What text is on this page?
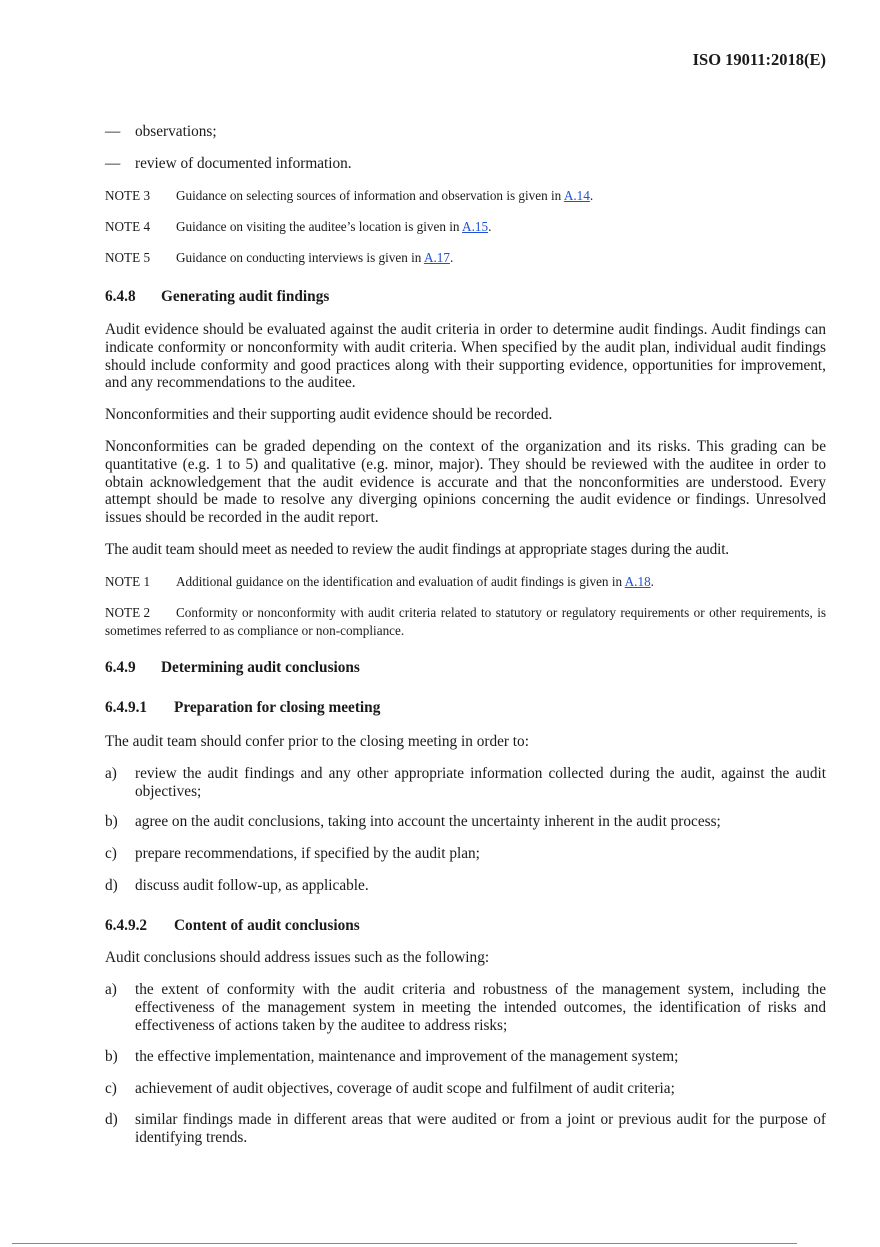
ISO 19011:2018(E)
— observations;
— review of documented information.
NOTE 3 Guidance on selecting sources of information and observation is given in A.14.
NOTE 4 Guidance on visiting the auditee’s location is given in A.15.
NOTE 5 Guidance on conducting interviews is given in A.17.
6.4.8 Generating audit findings
Audit evidence should be evaluated against the audit criteria in order to determine audit findings. Audit findings can indicate conformity or nonconformity with audit criteria. When specified by the audit plan, individual audit findings should include conformity and good practices along with their supporting evidence, opportunities for improvement, and any recommendations to the auditee.
Nonconformities and their supporting audit evidence should be recorded.
Nonconformities can be graded depending on the context of the organization and its risks. This grading can be quantitative (e.g. 1 to 5) and qualitative (e.g. minor, major). They should be reviewed with the auditee in order to obtain acknowledgement that the audit evidence is accurate and that the nonconformities are understood. Every attempt should be made to resolve any diverging opinions concerning the audit evidence or findings. Unresolved issues should be recorded in the audit report.
The audit team should meet as needed to review the audit findings at appropriate stages during the audit.
NOTE 1 Additional guidance on the identification and evaluation of audit findings is given in A.18.
NOTE 2 Conformity or nonconformity with audit criteria related to statutory or regulatory requirements or other requirements, is sometimes referred to as compliance or non-compliance.
6.4.9 Determining audit conclusions
6.4.9.1 Preparation for closing meeting
The audit team should confer prior to the closing meeting in order to:
a) review the audit findings and any other appropriate information collected during the audit, against the audit objectives;
b) agree on the audit conclusions, taking into account the uncertainty inherent in the audit process;
c) prepare recommendations, if specified by the audit plan;
d) discuss audit follow-up, as applicable.
6.4.9.2 Content of audit conclusions
Audit conclusions should address issues such as the following:
a) the extent of conformity with the audit criteria and robustness of the management system, including the effectiveness of the management system in meeting the intended outcomes, the identification of risks and effectiveness of actions taken by the auditee to address risks;
b) the effective implementation, maintenance and improvement of the management system;
c) achievement of audit objectives, coverage of audit scope and fulfilment of audit criteria;
d) similar findings made in different areas that were audited or from a joint or previous audit for the purpose of identifying trends.
